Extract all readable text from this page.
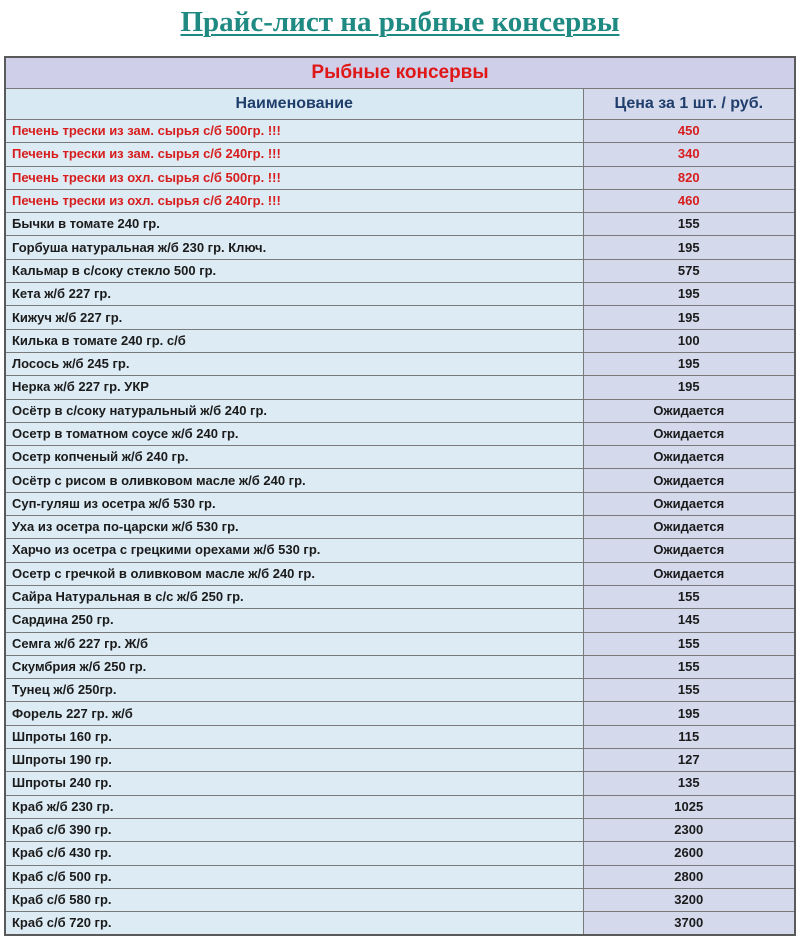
Прайс-лист на рыбные консервы
Рыбные консервы	
Наименование	Цена за 1 шт. / руб.
Печень трески из зам. сырья с/б 500гр. !!!	450
Печень трески из зам. сырья с/б 240гр. !!!	340
Печень трески из охл. сырья с/б 500гр. !!!	820
Печень трески из охл. сырья с/б 240гр. !!!	460
Бычки в томате 240 гр.	155
Горбуша натуральная ж/б 230 гр. Ключ.	195
Кальмар в с/соку стекло 500 гр.	575
Кета ж/б 227 гр.	195
Кижуч ж/б 227 гр.	195
Килька в томате 240 гр. с/б	100
Лосось ж/б 245 гр.	195
Нерка ж/б 227 гр. УКР	195
Осётр в с/соку натуральный ж/б 240 гр.	Ожидается
Осетр в томатном соусе ж/б 240 гр.	Ожидается
Осетр копченый ж/б 240 гр.	Ожидается
Осётр с рисом в оливковом масле ж/б 240 гр.	Ожидается
Суп-гуляш из осетра ж/б 530 гр.	Ожидается
Уха из осетра по-царски ж/б 530 гр.	Ожидается
Харчо из осетра с грецкими орехами ж/б 530 гр.	Ожидается
Осетр с гречкой в оливковом масле ж/б 240 гр.	Ожидается
Сайра Натуральная в с/с ж/б 250 гр.	155
Сардина 250 гр.	145
Семга ж/б 227 гр. Ж/б	155
Скумбрия ж/б 250 гр.	155
Тунец ж/б 250гр.	155
Форель 227 гр. ж/б	195
Шпроты 160 гр.	115
Шпроты 190 гр.	127
Шпроты 240 гр.	135
Краб ж/б 230 гр.	1025
Краб с/б 390 гр.	2300
Краб с/б 430 гр.	2600
Краб с/б 500 гр.	2800
Краб с/б 580 гр.	3200
Краб с/б 720 гр.	3700
